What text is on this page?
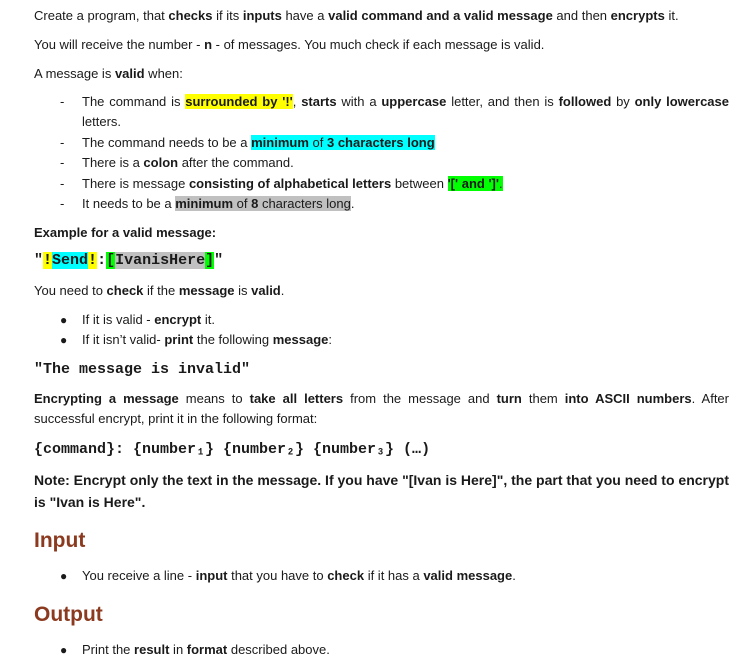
Create a program, that checks if its inputs have a valid command and a valid message and then encrypts it.
You will receive the number - n - of messages. You much check if each message is valid.
A message is valid when:
- The command is surrounded by '!', starts with a uppercase letter, and then is followed by only lowercase letters.
- The command needs to be a minimum of 3 characters long
- There is a colon after the command.
- There is message consisting of alphabetical letters between '[' and ']'.
- It needs to be a minimum of 8 characters long.
Example for a valid message:
"!Send!:[IvanisHere]"
You need to check if the message is valid.
● If it is valid - encrypt it.
● If it isn’t valid- print the following message:
"The message is invalid"
Encrypting a message means to take all letters from the message and turn them into ASCII numbers. After successful encrypt, print it in the following format:
{command}: {number₁} {number₂} {number₃} (…)
Note: Encrypt only the text in the message. If you have "[Ivan is Here]", the part that you need to encrypt is "Ivan is Here".
Input
● You receive a line - input that you have to check if it has a valid message.
Output
● Print the result in format described above.
